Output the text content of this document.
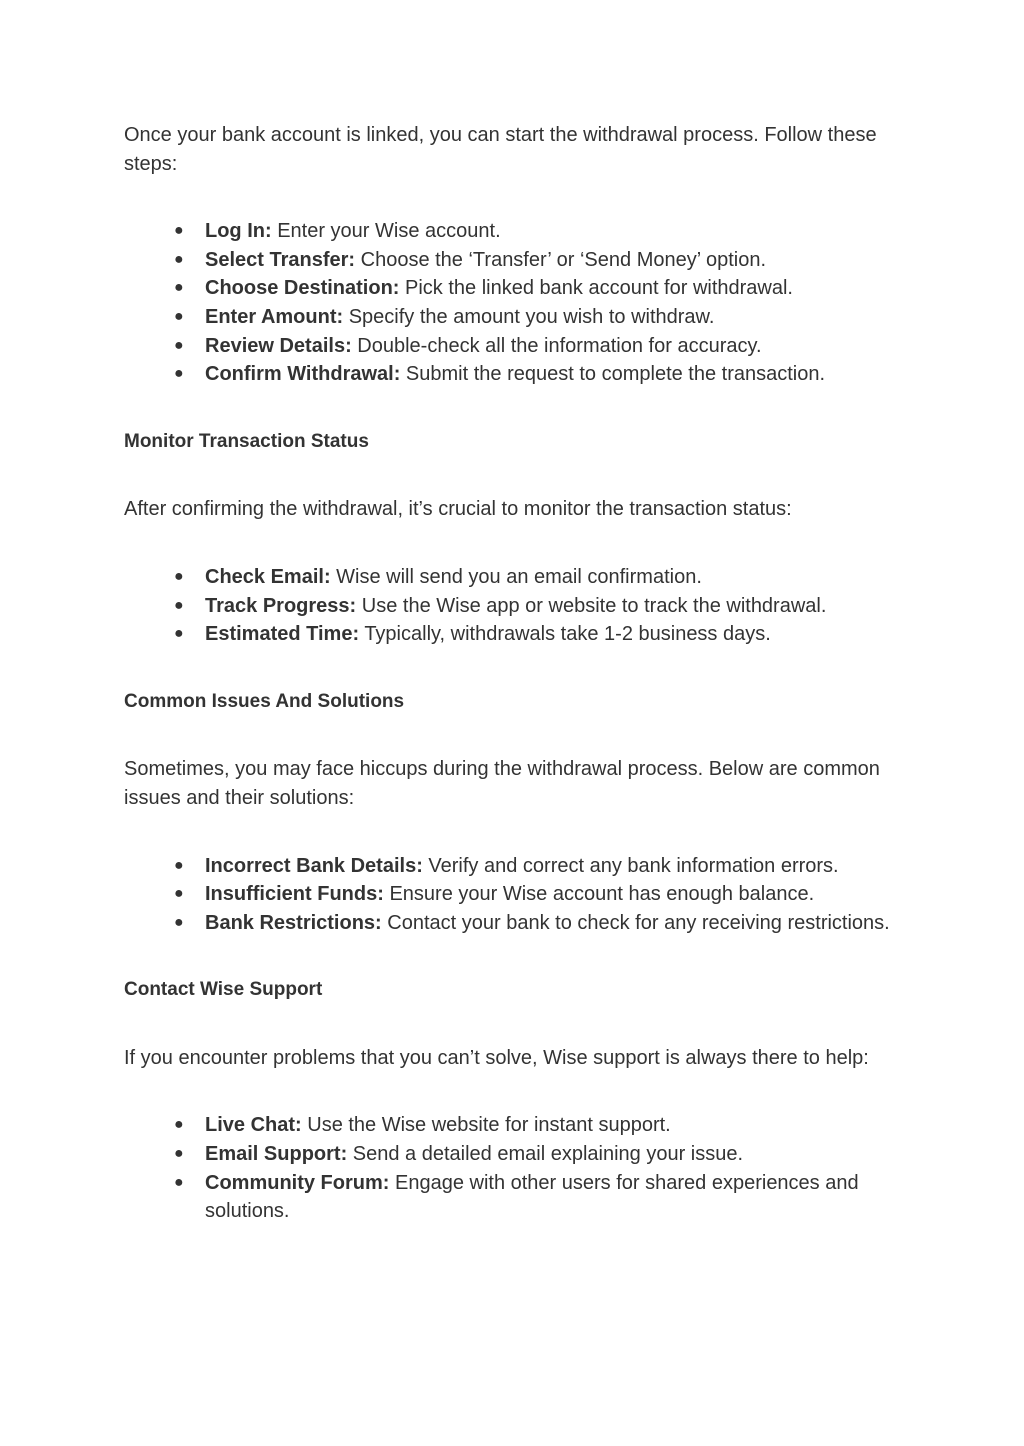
Once your bank account is linked, you can start the withdrawal process. Follow these steps:

● Log In: Enter your Wise account.
● Select Transfer: Choose the ‘Transfer’ or ‘Send Money’ option.
● Choose Destination: Pick the linked bank account for withdrawal.
● Enter Amount: Specify the amount you wish to withdraw.
● Review Details: Double-check all the information for accuracy.
● Confirm Withdrawal: Submit the request to complete the transaction.
Monitor Transaction Status

After confirming the withdrawal, it’s crucial to monitor the transaction status:

● Check Email: Wise will send you an email confirmation.
● Track Progress: Use the Wise app or website to track the withdrawal.
● Estimated Time: Typically, withdrawals take 1-2 business days.
Common Issues And Solutions

Sometimes, you may face hiccups during the withdrawal process. Below are common issues and their solutions:

● Incorrect Bank Details: Verify and correct any bank information errors.
● Insufficient Funds: Ensure your Wise account has enough balance.
● Bank Restrictions: Contact your bank to check for any receiving restrictions.
Contact Wise Support

If you encounter problems that you can’t solve, Wise support is always there to help:

● Live Chat: Use the Wise website for instant support.
● Email Support: Send a detailed email explaining your issue.
● Community Forum: Engage with other users for shared experiences and solutions.
